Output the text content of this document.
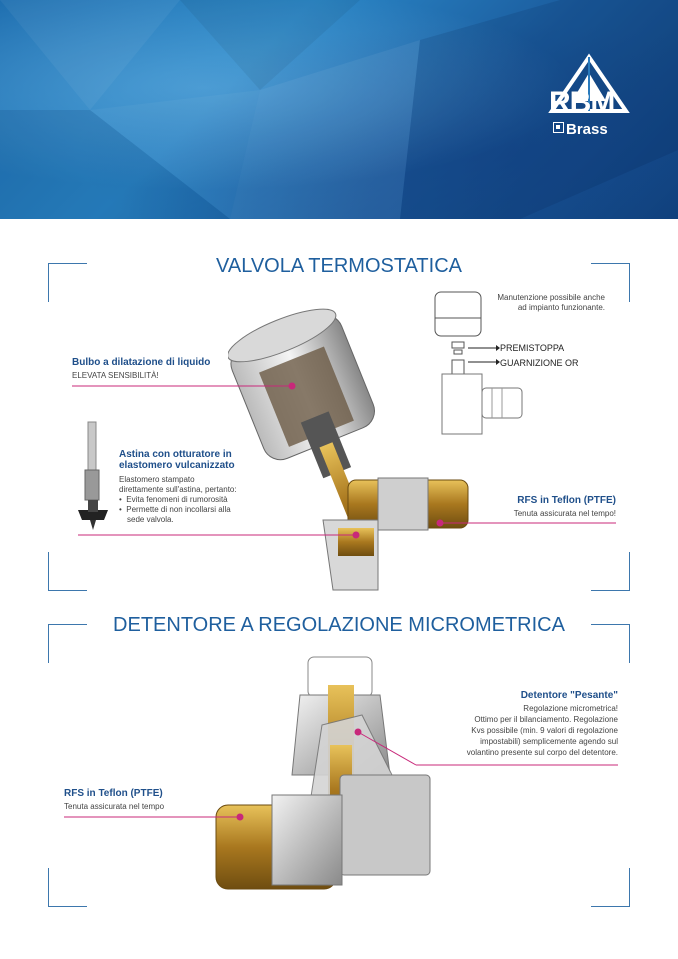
RBM
Brass
VALVOLA TERMOSTATICA
Manutenzione possibile anche
ad impianto funzionante.
PREMISTOPPA
GUARNIZIONE OR
Bulbo a dilatazione di liquido
ELEVATA SENSIBILITÀ!
Astina con otturatore in
elastomero vulcanizzato
Elastomero stampato
direttamente sull'astina, pertanto:
•  Evita fenomeni di rumorosità
•  Permette di non incollarsi alla
sede valvola.
RFS in Teflon (PTFE)
Tenuta assicurata nel tempo!
DETENTORE A REGOLAZIONE MICROMETRICA
Detentore "Pesante"
Regolazione micrometrica!
Ottimo per il bilanciamento. Regolazione
Kvs possibile (min. 9 valori di regolazione
impostabili) semplicemente agendo sul
volantino presente sul corpo del detentore.
RFS in Teflon (PTFE)
Tenuta assicurata nel tempo
